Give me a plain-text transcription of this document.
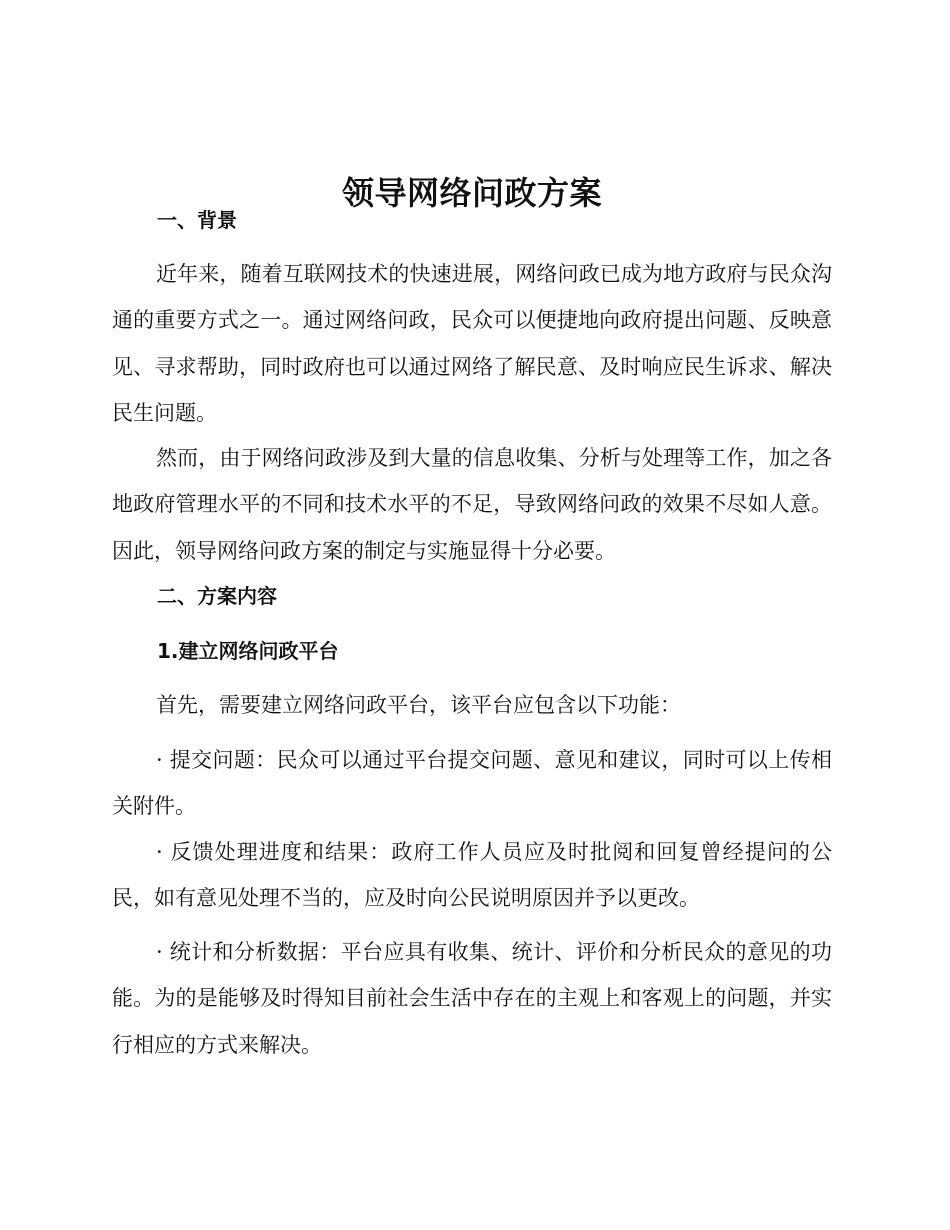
领导网络问政方案
一、背景

近年来，随着互联网技术的快速进展，网络问政已成为地方政府与民众沟通的重要方式之一。通过网络问政，民众可以便捷地向政府提出问题、反映意见、寻求帮助，同时政府也可以通过网络了解民意、及时响应民生诉求、解决民生问题。

然而，由于网络问政涉及到大量的信息收集、分析与处理等工作，加之各地政府管理水平的不同和技术水平的不足，导致网络问政的效果不尽如人意。因此，领导网络问政方案的制定与实施显得十分必要。

二、方案内容
1.建立网络问政平台

首先，需要建立网络问政平台，该平台应包含以下功能：

· 提交问题：民众可以通过平台提交问题、意见和建议，同时可以上传相关附件。

· 反馈处理进度和结果：政府工作人员应及时批阅和回复曾经提问的公民，如有意见处理不当的，应及时向公民说明原因并予以更改。

· 统计和分析数据：平台应具有收集、统计、评价和分析民众的意见的功能。为的是能够及时得知目前社会生活中存在的主观上和客观上的问题，并实行相应的方式来解决。
